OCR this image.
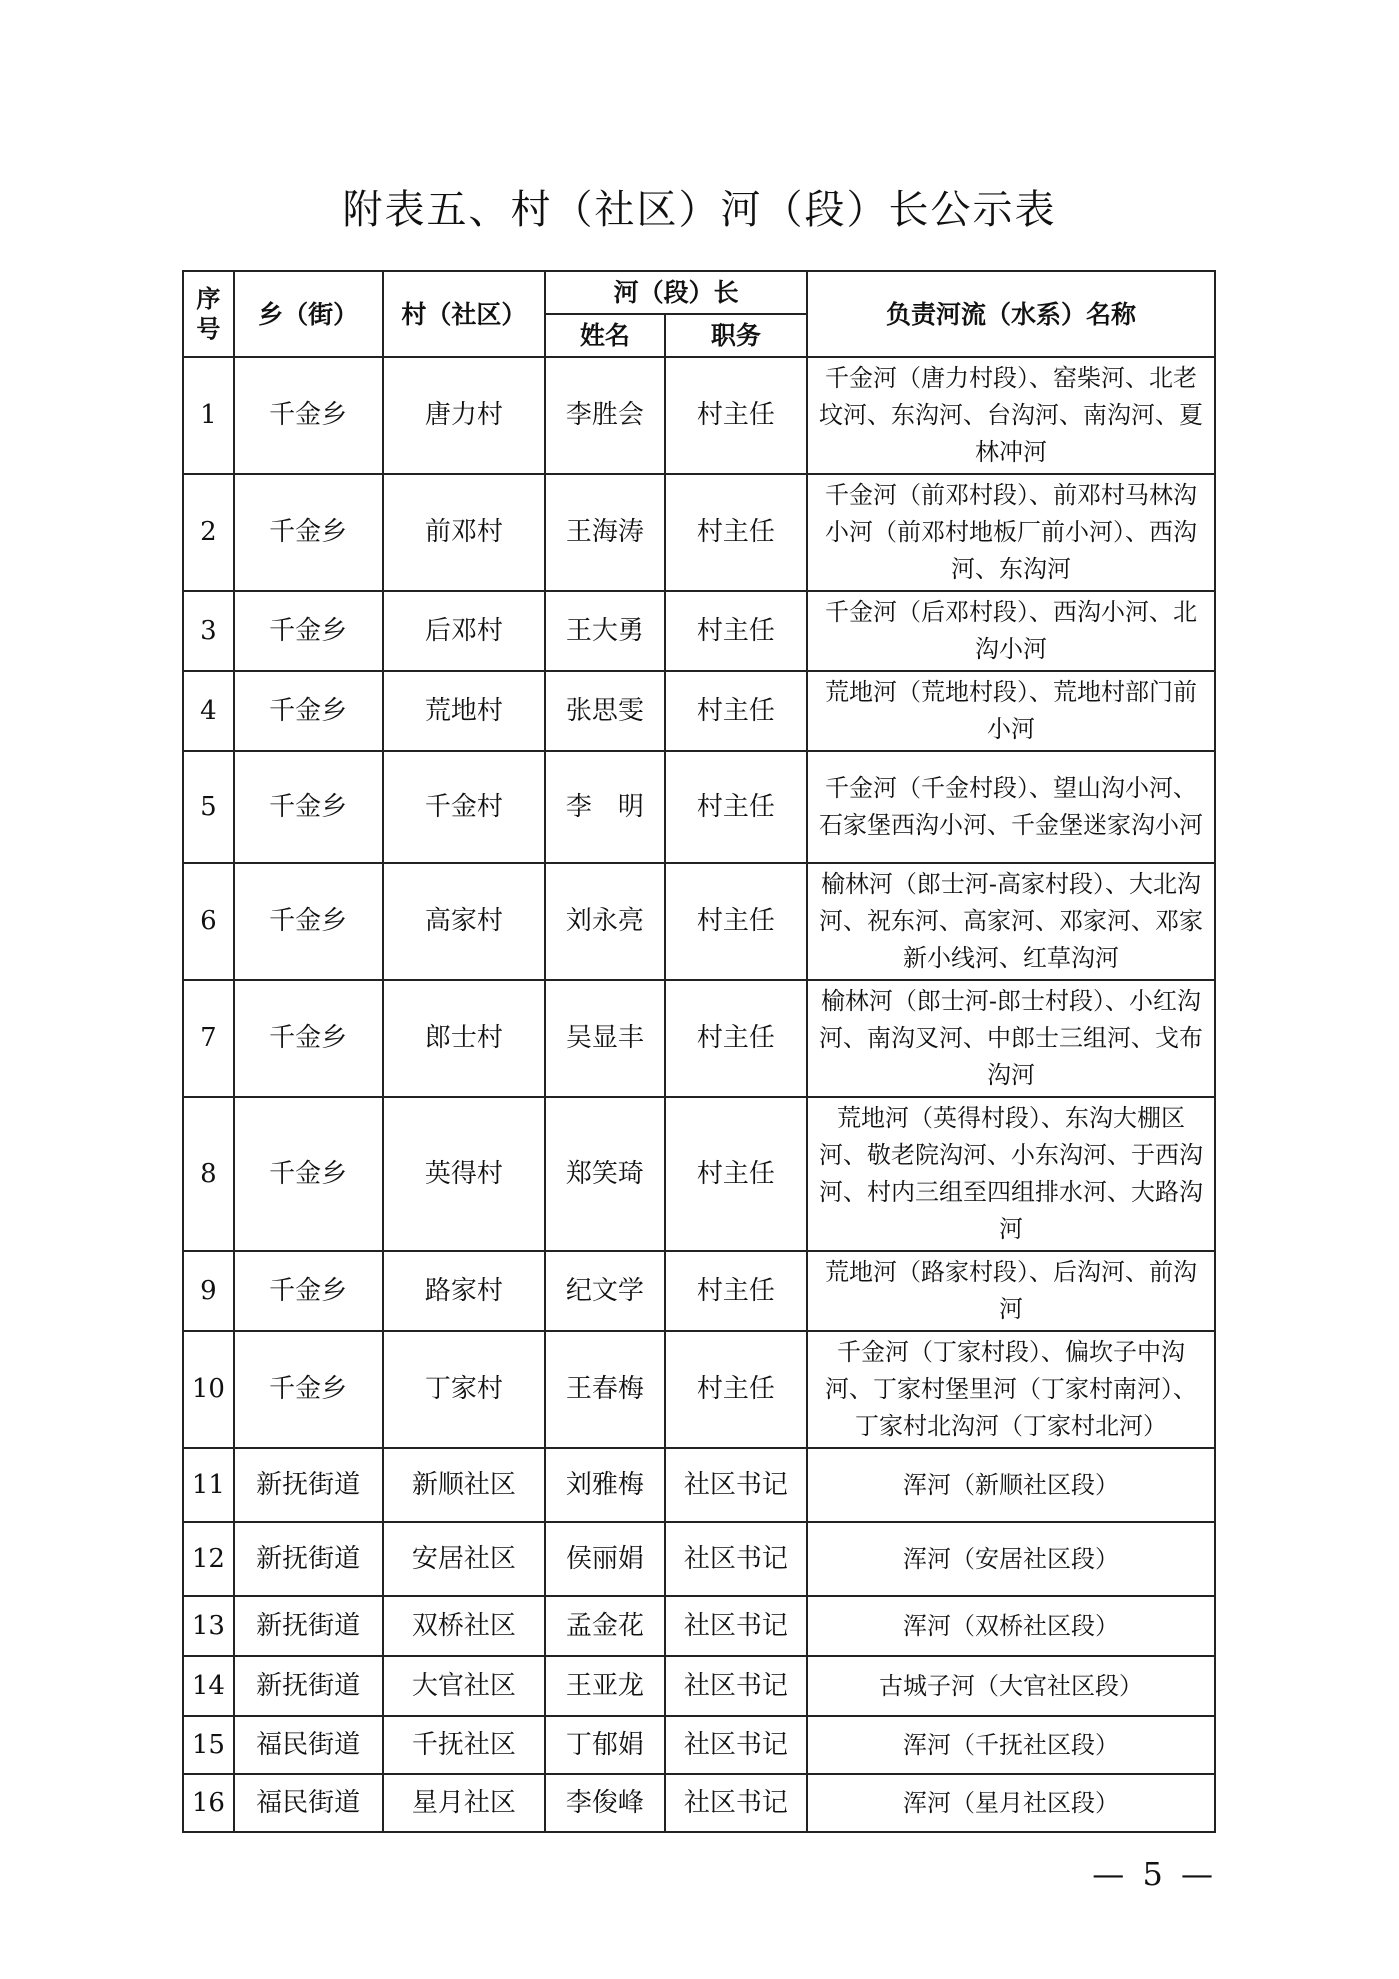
附表五、村（社区）河（段）长公示表
序号	乡（街）	村（社区）	河（段）长		负责河流（水系）名称
			姓名	职务	
1	千金乡	唐力村	李胜会	村主任	千金河（唐力村段）、窑柴河、北老坟河、东沟河、台沟河、南沟河、夏林冲河
2	千金乡	前邓村	王海涛	村主任	千金河（前邓村段）、前邓村马林沟小河（前邓村地板厂前小河）、西沟河、东沟河
3	千金乡	后邓村	王大勇	村主任	千金河（后邓村段）、西沟小河、北沟小河
4	千金乡	荒地村	张思雯	村主任	荒地河（荒地村段）、荒地村部门前小河
5	千金乡	千金村	李　明	村主任	千金河（千金村段）、望山沟小河、石家堡西沟小河、千金堡迷家沟小河
6	千金乡	高家村	刘永亮	村主任	榆林河（郎士河-高家村段）、大北沟河、祝东河、高家河、邓家河、邓家新小线河、红草沟河
7	千金乡	郎士村	吴显丰	村主任	榆林河（郎士河-郎士村段）、小红沟河、南沟叉河、中郎士三组河、戈布沟河
8	千金乡	英得村	郑笑琦	村主任	荒地河（英得村段）、东沟大棚区河、敬老院沟河、小东沟河、于西沟河、村内三组至四组排水河、大路沟河
9	千金乡	路家村	纪文学	村主任	荒地河（路家村段）、后沟河、前沟河
10	千金乡	丁家村	王春梅	村主任	千金河（丁家村段）、偏坎子中沟河、丁家村堡里河（丁家村南河）、丁家村北沟河（丁家村北河）
11	新抚街道	新顺社区	刘雅梅	社区书记	浑河（新顺社区段）
12	新抚街道	安居社区	侯丽娟	社区书记	浑河（安居社区段）
13	新抚街道	双桥社区	孟金花	社区书记	浑河（双桥社区段）
14	新抚街道	大官社区	王亚龙	社区书记	古城子河（大官社区段）
15	福民街道	千抚社区	丁郁娟	社区书记	浑河（千抚社区段）
16	福民街道	星月社区	李俊峰	社区书记	浑河（星月社区段）
— 5 —
